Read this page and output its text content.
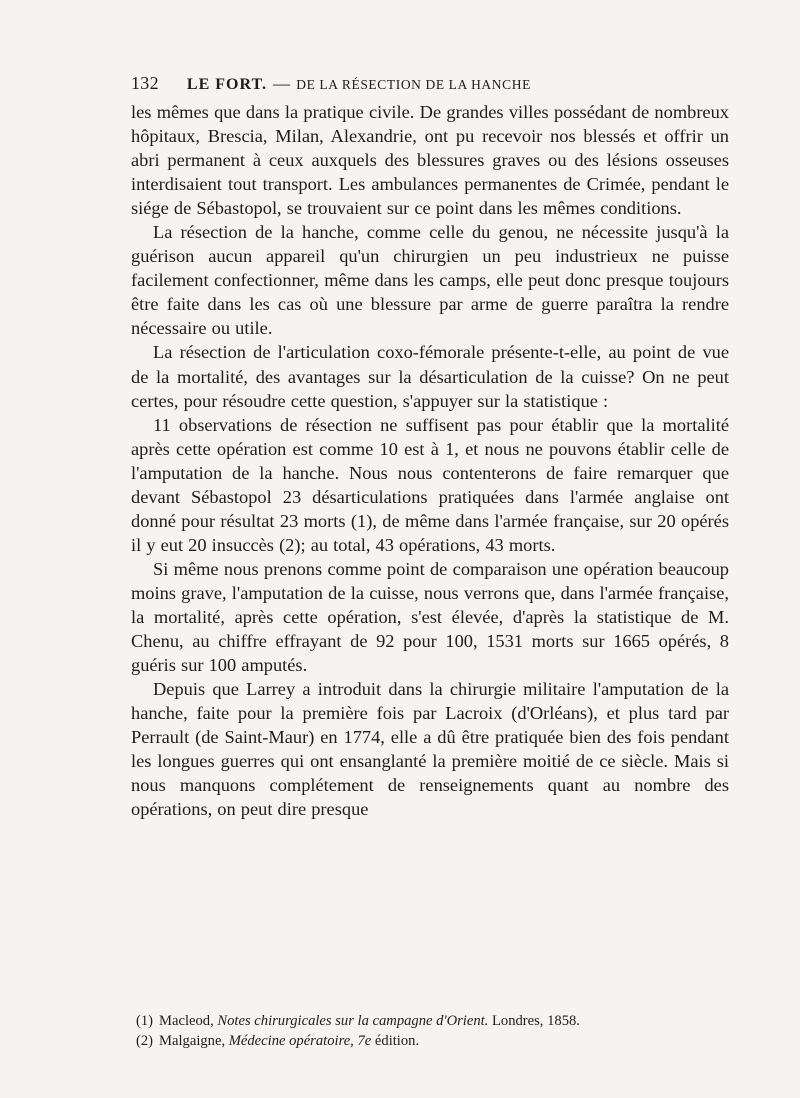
132 LE FORT. — DE LA RÉSECTION DE LA HANCHE

les mêmes que dans la pratique civile. De grandes villes possédant de nombreux hôpitaux, Brescia, Milan, Alexandrie, ont pu recevoir nos blessés et offrir un abri permanent à ceux auxquels des blessures graves ou des lésions osseuses interdisaient tout transport. Les ambulances permanentes de Crimée, pendant le siége de Sébastopol, se trouvaient sur ce point dans les mêmes conditions.

La résection de la hanche, comme celle du genou, ne nécessite jusqu'à la guérison aucun appareil qu'un chirurgien un peu industrieux ne puisse facilement confectionner, même dans les camps, elle peut donc presque toujours être faite dans les cas où une blessure par arme de guerre paraîtra la rendre nécessaire ou utile.

La résection de l'articulation coxo-fémorale présente-t-elle, au point de vue de la mortalité, des avantages sur la désarticulation de la cuisse? On ne peut certes, pour résoudre cette question, s'appuyer sur la statistique :

11 observations de résection ne suffisent pas pour établir que la mortalité après cette opération est comme 10 est à 1, et nous ne pouvons établir celle de l'amputation de la hanche. Nous nous contenterons de faire remarquer que devant Sébastopol 23 désarticulations pratiquées dans l'armée anglaise ont donné pour résultat 23 morts (1), de même dans l'armée française, sur 20 opérés il y eut 20 insuccès (2); au total, 43 opérations, 43 morts.

Si même nous prenons comme point de comparaison une opération beaucoup moins grave, l'amputation de la cuisse, nous verrons que, dans l'armée française, la mortalité, après cette opération, s'est élevée, d'après la statistique de M. Chenu, au chiffre effrayant de 92 pour 100, 1531 morts sur 1665 opérés, 8 guéris sur 100 amputés.

Depuis que Larrey a introduit dans la chirurgie militaire l'amputation de la hanche, faite pour la première fois par Lacroix (d'Orléans), et plus tard par Perrault (de Saint-Maur) en 1774, elle a dû être pratiquée bien des fois pendant les longues guerres qui ont ensanglanté la première moitié de ce siècle. Mais si nous manquons complétement de renseignements quant au nombre des opérations, on peut dire presque

(1) Macleod,
Notes chirurgicales sur la campagne d'Orient.
Londres, 1858.
(2) Malgaigne,
Médecine opératoire, 7e
édition.
